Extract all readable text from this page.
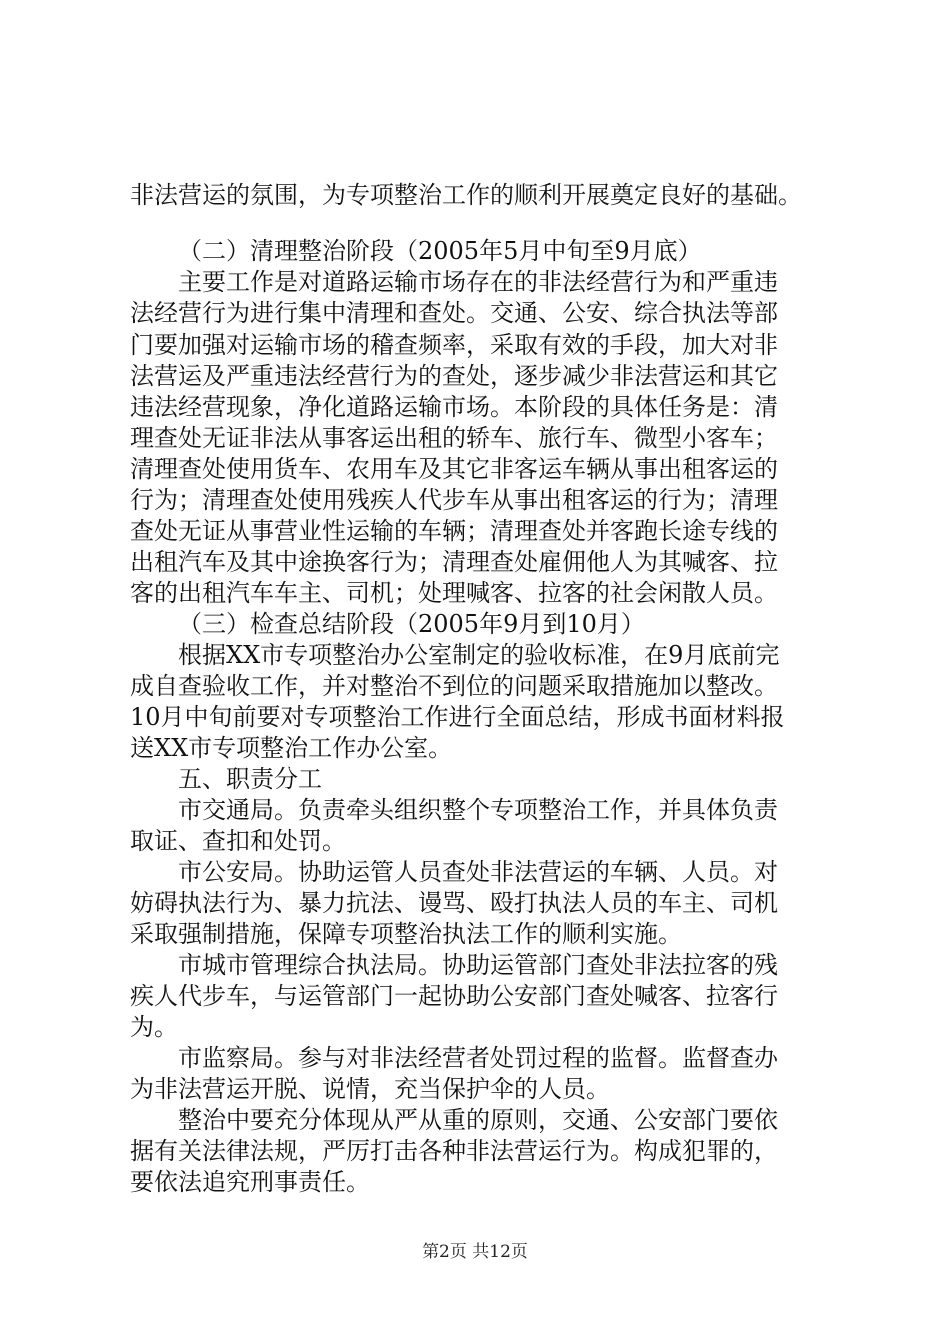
非法营运的氛围，为专项整治工作的顺利开展奠定良好的基础。
（二）清理整治阶段（2005年5月中旬至9月底）
主要工作是对道路运输市场存在的非法经营行为和严重违
法经营行为进行集中清理和查处。交通、公安、综合执法等部
门要加强对运输市场的稽查频率，采取有效的手段，加大对非
法营运及严重违法经营行为的查处，逐步减少非法营运和其它
违法经营现象，净化道路运输市场。本阶段的具体任务是：清
理查处无证非法从事客运出租的轿车、旅行车、微型小客车；
清理查处使用货车、农用车及其它非客运车辆从事出租客运的
行为；清理查处使用残疾人代步车从事出租客运的行为；清理
查处无证从事营业性运输的车辆；清理查处并客跑长途专线的
出租汽车及其中途换客行为；清理查处雇佣他人为其喊客、拉
客的出租汽车车主、司机；处理喊客、拉客的社会闲散人员。
（三）检查总结阶段（2005年9月到10月）
根据XX市专项整治办公室制定的验收标准，在9月底前完
成自查验收工作，并对整治不到位的问题采取措施加以整改。
10月中旬前要对专项整治工作进行全面总结，形成书面材料报
送XX市专项整治工作办公室。
五、职责分工
市交通局。负责牵头组织整个专项整治工作，并具体负责
取证、查扣和处罚。
市公安局。协助运管人员查处非法营运的车辆、人员。对
妨碍执法行为、暴力抗法、谩骂、殴打执法人员的车主、司机
采取强制措施，保障专项整治执法工作的顺利实施。
市城市管理综合执法局。协助运管部门查处非法拉客的残
疾人代步车，与运管部门一起协助公安部门查处喊客、拉客行
为。
市监察局。参与对非法经营者处罚过程的监督。监督查办
为非法营运开脱、说情，充当保护伞的人员。
整治中要充分体现从严从重的原则，交通、公安部门要依
据有关法律法规，严厉打击各种非法营运行为。构成犯罪的，
要依法追究刑事责任。
第2页 共12页
